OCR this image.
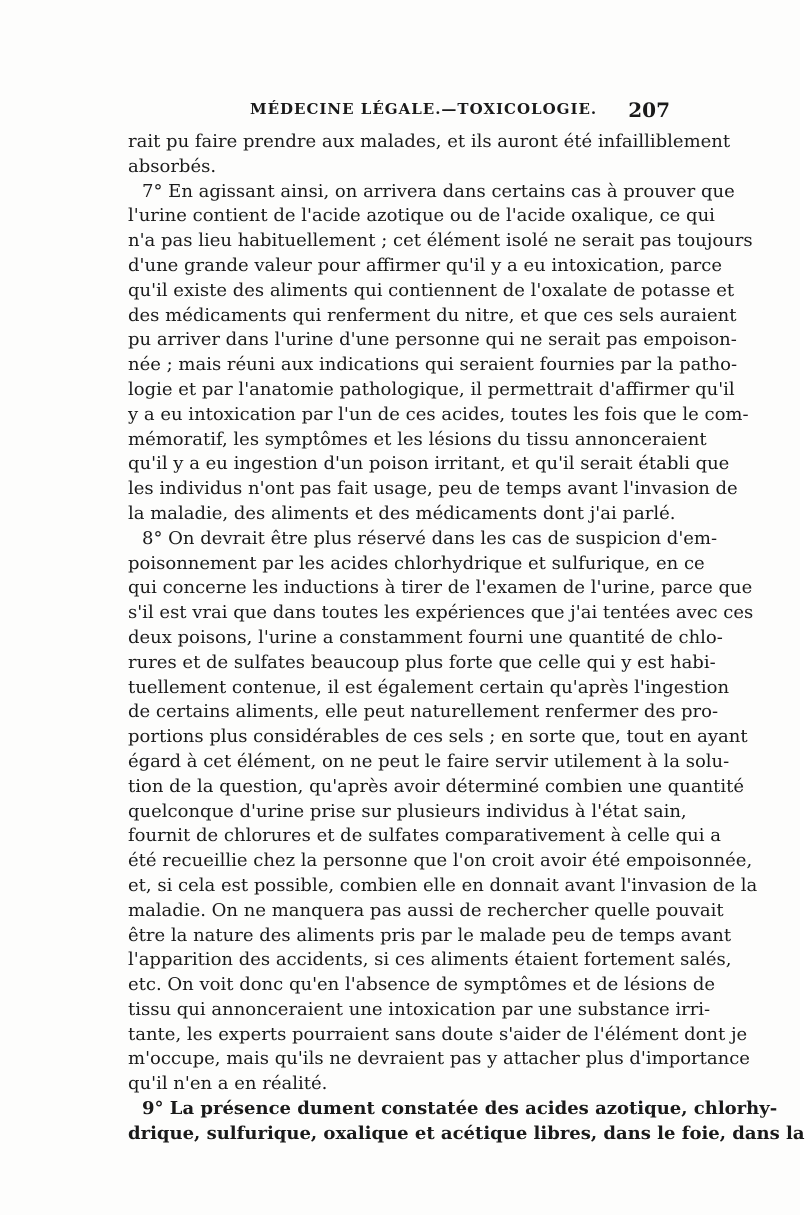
MÉDECINE LÉGALE.—TOXICOLOGIE. 207
rait pu faire prendre aux malades, et ils auront été infailliblement
absorbés.
7° En agissant ainsi, on arrivera dans certains cas à prouver que
l'urine contient de l'acide azotique ou de l'acide oxalique, ce qui
n'a pas lieu habituellement ; cet élément isolé ne serait pas toujours
d'une grande valeur pour affirmer qu'il y a eu intoxication, parce
qu'il existe des aliments qui contiennent de l'oxalate de potasse et
des médicaments qui renferment du nitre, et que ces sels auraient
pu arriver dans l'urine d'une personne qui ne serait pas empoison-
née ; mais réuni aux indications qui seraient fournies par la patho-
logie et par l'anatomie pathologique, il permettrait d'affirmer qu'il
y a eu intoxication par l'un de ces acides, toutes les fois que le com-
mémoratif, les symptômes et les lésions du tissu annonceraient
qu'il y a eu ingestion d'un poison irritant, et qu'il serait établi que
les individus n'ont pas fait usage, peu de temps avant l'invasion de
la maladie, des aliments et des médicaments dont j'ai parlé.
8° On devrait être plus réservé dans les cas de suspicion d'em-
poisonnement par les acides chlorhydrique et sulfurique, en ce
qui concerne les inductions à tirer de l'examen de l'urine, parce que
s'il est vrai que dans toutes les expériences que j'ai tentées avec ces
deux poisons, l'urine a constamment fourni une quantité de chlo-
rures et de sulfates beaucoup plus forte que celle qui y est habi-
tuellement contenue, il est également certain qu'après l'ingestion
de certains aliments, elle peut naturellement renfermer des pro-
portions plus considérables de ces sels ; en sorte que, tout en ayant
égard à cet élément, on ne peut le faire servir utilement à la solu-
tion de la question, qu'après avoir déterminé combien une quantité
quelconque d'urine prise sur plusieurs individus à l'état sain,
fournit de chlorures et de sulfates comparativement à celle qui a
été recueillie chez la personne que l'on croit avoir été empoisonnée,
et, si cela est possible, combien elle en donnait avant l'invasion de la
maladie. On ne manquera pas aussi de rechercher quelle pouvait
être la nature des aliments pris par le malade peu de temps avant
l'apparition des accidents, si ces aliments étaient fortement salés,
etc. On voit donc qu'en l'absence de symptômes et de lésions de
tissu qui annonceraient une intoxication par une substance irri-
tante, les experts pourraient sans doute s'aider de l'élément dont je
m'occupe, mais qu'ils ne devraient pas y attacher plus d'importance
qu'il n'en a en réalité.
9° La présence dument constatée des acides azotique, chlorhy-
drique, sulfurique, oxalique et acétique libres, dans le foie, dans la
